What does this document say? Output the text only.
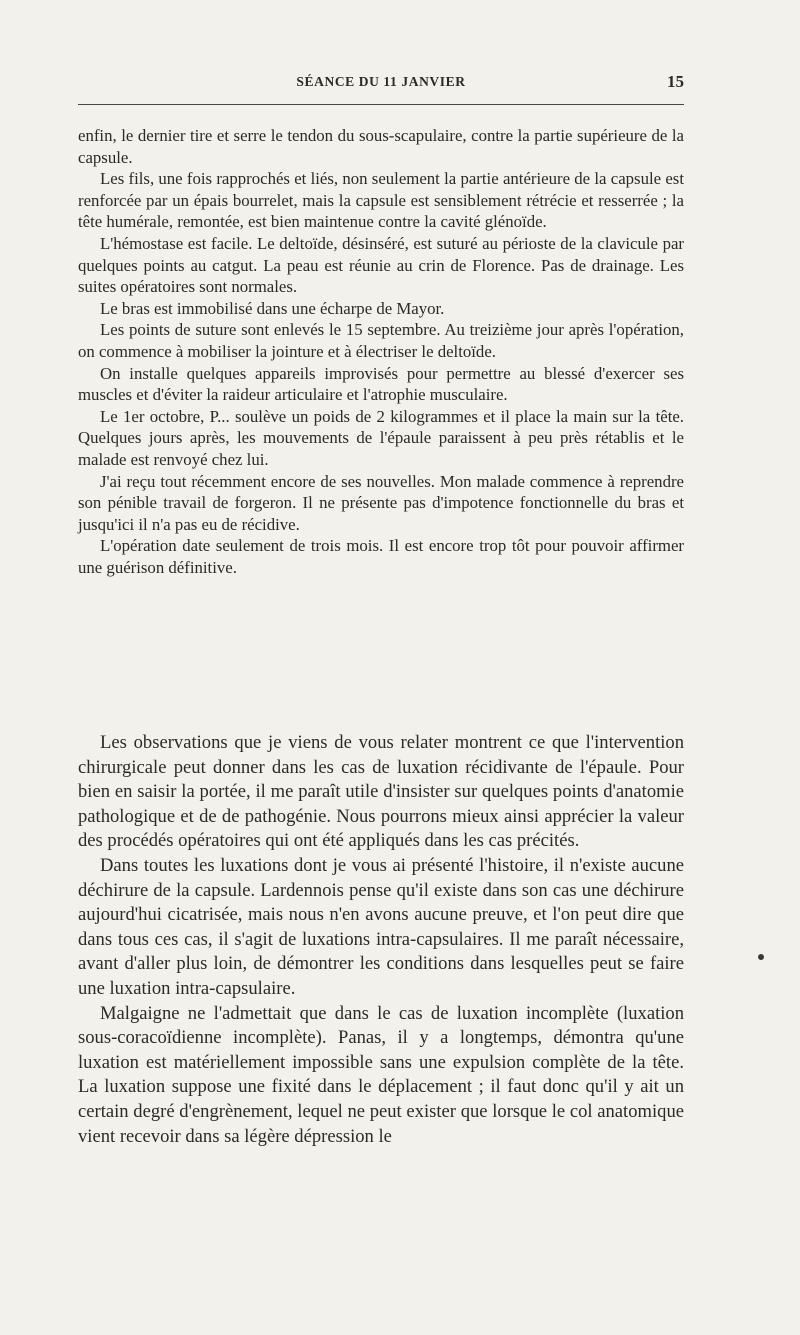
SÉANCE DU 11 JANVIER	15

enfin, le dernier tire et serre le tendon du sous-scapulaire, contre la partie supérieure de la capsule.

Les fils, une fois rapprochés et liés, non seulement la partie antérieure de la capsule est renforcée par un épais bourrelet, mais la capsule est sensiblement rétrécie et resserrée ; la tête humérale, remontée, est bien maintenue contre la cavité glénoïde.

L'hémostase est facile. Le deltoïde, désinséré, est suturé au périoste de la clavicule par quelques points au catgut. La peau est réunie au crin de Florence. Pas de drainage. Les suites opératoires sont normales.

Le bras est immobilisé dans une écharpe de Mayor.

Les points de suture sont enlevés le 15 septembre. Au treizième jour après l'opération, on commence à mobiliser la jointure et à électriser le deltoïde.

On installe quelques appareils improvisés pour permettre au blessé d'exercer ses muscles et d'éviter la raideur articulaire et l'atrophie musculaire.

Le 1er octobre, P... soulève un poids de 2 kilogrammes et il place la main sur la tête. Quelques jours après, les mouvements de l'épaule paraissent à peu près rétablis et le malade est renvoyé chez lui.

J'ai reçu tout récemment encore de ses nouvelles. Mon malade commence à reprendre son pénible travail de forgeron. Il ne présente pas d'impotence fonctionnelle du bras et jusqu'ici il n'a pas eu de récidive.

L'opération date seulement de trois mois. Il est encore trop tôt pour pouvoir affirmer une guérison définitive.

Les observations que je viens de vous relater montrent ce que l'intervention chirurgicale peut donner dans les cas de luxation récidivante de l'épaule. Pour bien en saisir la portée, il me paraît utile d'insister sur quelques points d'anatomie pathologique et de de pathogénie. Nous pourrons mieux ainsi apprécier la valeur des procédés opératoires qui ont été appliqués dans les cas précités.

Dans toutes les luxations dont je vous ai présenté l'histoire, il n'existe aucune déchirure de la capsule. Lardennois pense qu'il existe dans son cas une déchirure aujourd'hui cicatrisée, mais nous n'en avons aucune preuve, et l'on peut dire que dans tous ces cas, il s'agit de luxations intra-capsulaires. Il me paraît nécessaire, avant d'aller plus loin, de démontrer les conditions dans lesquelles peut se faire une luxation intra-capsulaire.

Malgaigne ne l'admettait que dans le cas de luxation incomplète (luxation sous-coracoïdienne incomplète). Panas, il y a longtemps, démontra qu'une luxation est matériellement impossible sans une expulsion complète de la tête. La luxation suppose une fixité dans le déplacement ; il faut donc qu'il y ait un certain degré d'engrènement, lequel ne peut exister que lorsque le col anatomique vient recevoir dans sa légère dépression le
